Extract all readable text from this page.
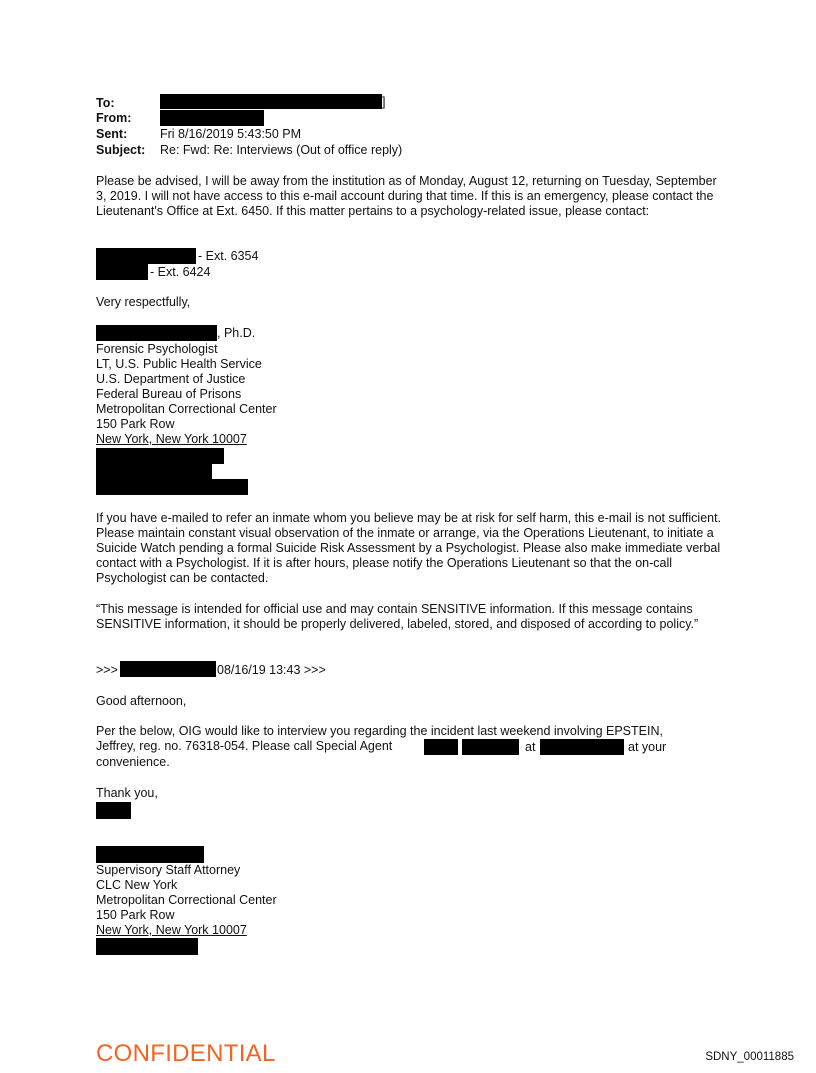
To:	]
From:
Sent:	Fri 8/16/2019 5:43:50 PM
Subject: Re: Fwd: Re: Interviews (Out of office reply)
Please be advised, I will be away from the institution as of Monday, August 12, returning on Tuesday, September 3, 2019. I will not have access to this e-mail account during that time. If this is an emergency, please contact the Lieutenant's Office at Ext. 6450. If this matter pertains to a psychology-related issue, please contact:
- Ext. 6354
- Ext. 6424
Very respectfully,
, Ph.D.
Forensic Psychologist
LT, U.S. Public Health Service
U.S. Department of Justice
Federal Bureau of Prisons
Metropolitan Correctional Center
150 Park Row
New York, New York 10007
If you have e-mailed to refer an inmate whom you believe may be at risk for self harm, this e-mail is not sufficient. Please maintain constant visual observation of the inmate or arrange, via the Operations Lieutenant, to initiate a Suicide Watch pending a formal Suicide Risk Assessment by a Psychologist. Please also make immediate verbal contact with a Psychologist. If it is after hours, please notify the Operations Lieutenant so that the on-call Psychologist can be contacted.
“This message is intended for official use and may contain SENSITIVE information. If this message contains SENSITIVE information, it should be properly delivered, labeled, stored, and disposed of according to policy.”
>>>	08/16/19 13:43 >>>
Good afternoon,
Per the below, OIG would like to interview you regarding the incident last weekend involving EPSTEIN,
Jeffrey, reg. no. 76318-054. Please call Special Agent	at	at your
convenience.
Thank you,
Supervisory Staff Attorney
CLC New York
Metropolitan Correctional Center
150 Park Row
New York, New York 10007
CONFIDENTIAL	SDNY_00011885
